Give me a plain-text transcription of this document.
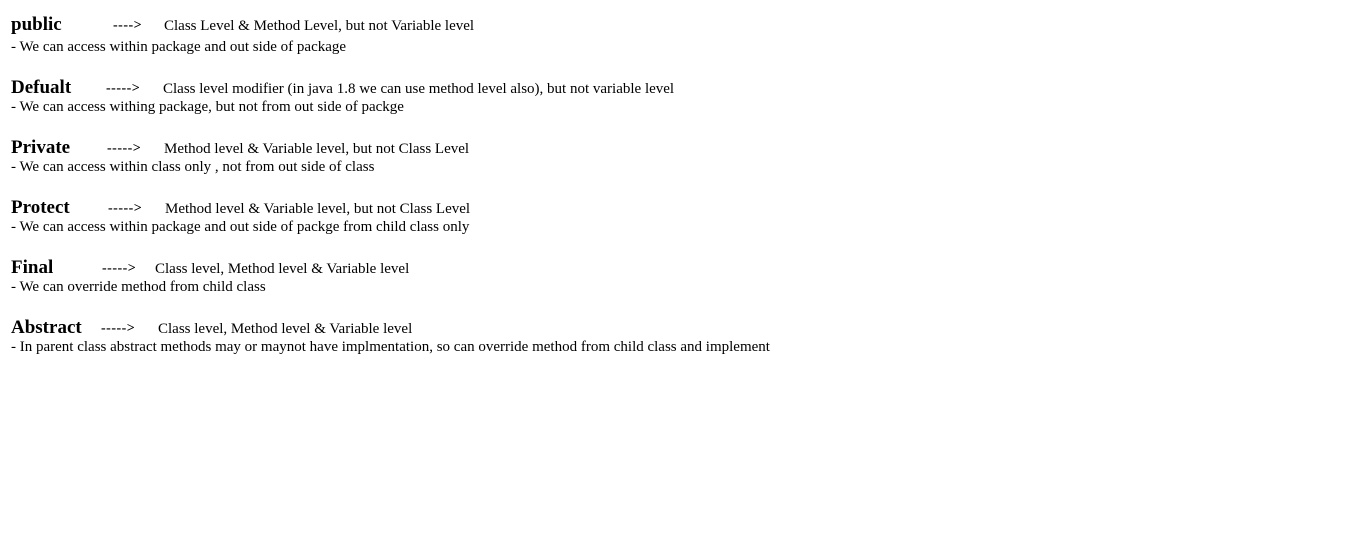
public	----> Class Level & Method Level, but not Variable level
- We can access within package and out side of package
Defualt -----> Class level modifier (in java 1.8 we can use method level also), but not variable level
- We can access withing package, but not from out side of packge
Private	-----> Method level & Variable level, but not Class Level
- We can access within class only , not from out side of class
Protect	-----> Method level & Variable level, but not Class Level
- We can access within package and out side of packge from child class only
Final	-----> Class level, Method level & Variable level
- We can override method from child class
Abstract -----> Class level, Method level & Variable level
- In parent class abstract methods may or maynot have implmentation, so can override method from child class and implement
